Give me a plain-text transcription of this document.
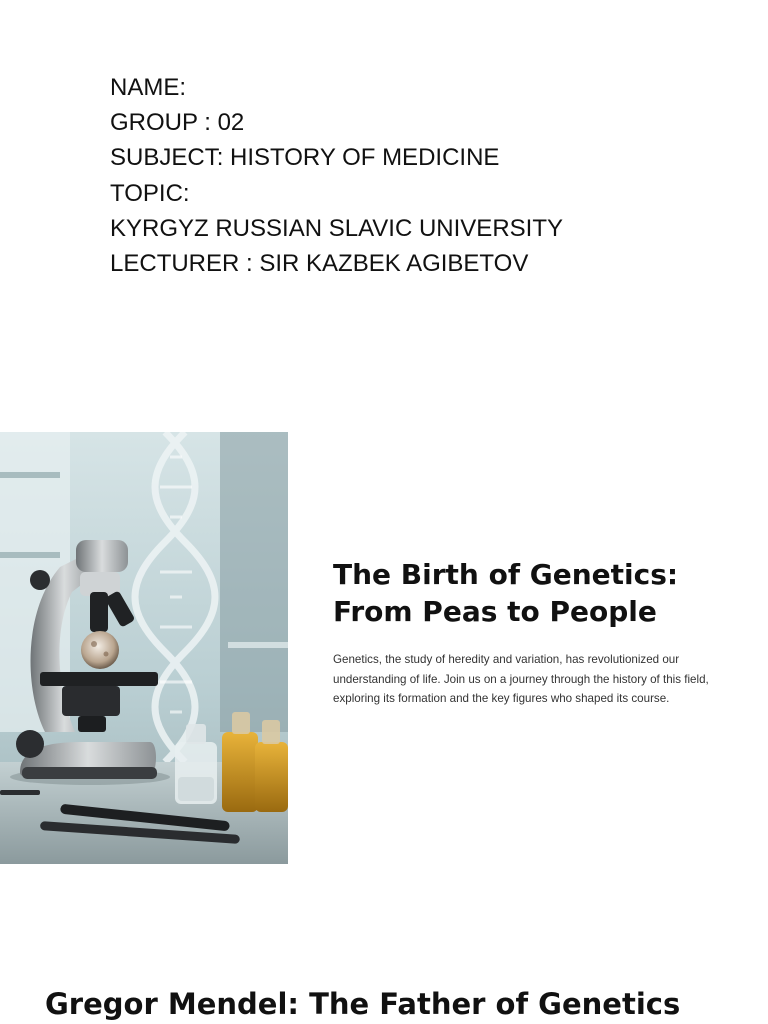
NAME:
GROUP : 02
SUBJECT: HISTORY OF MEDICINE
TOPIC:
KYRGYZ RUSSIAN SLAVIC UNIVERSITY
LECTURER : SIR KAZBEK AGIBETOV
The Birth of Genetics:
From Peas to People

Genetics, the study of heredity and variation, has revolutionized our understanding of life. Join us on a journey through the history of this field, exploring its formation and the key figures who shaped its course.

Gregor Mendel: The Father of Genetics
